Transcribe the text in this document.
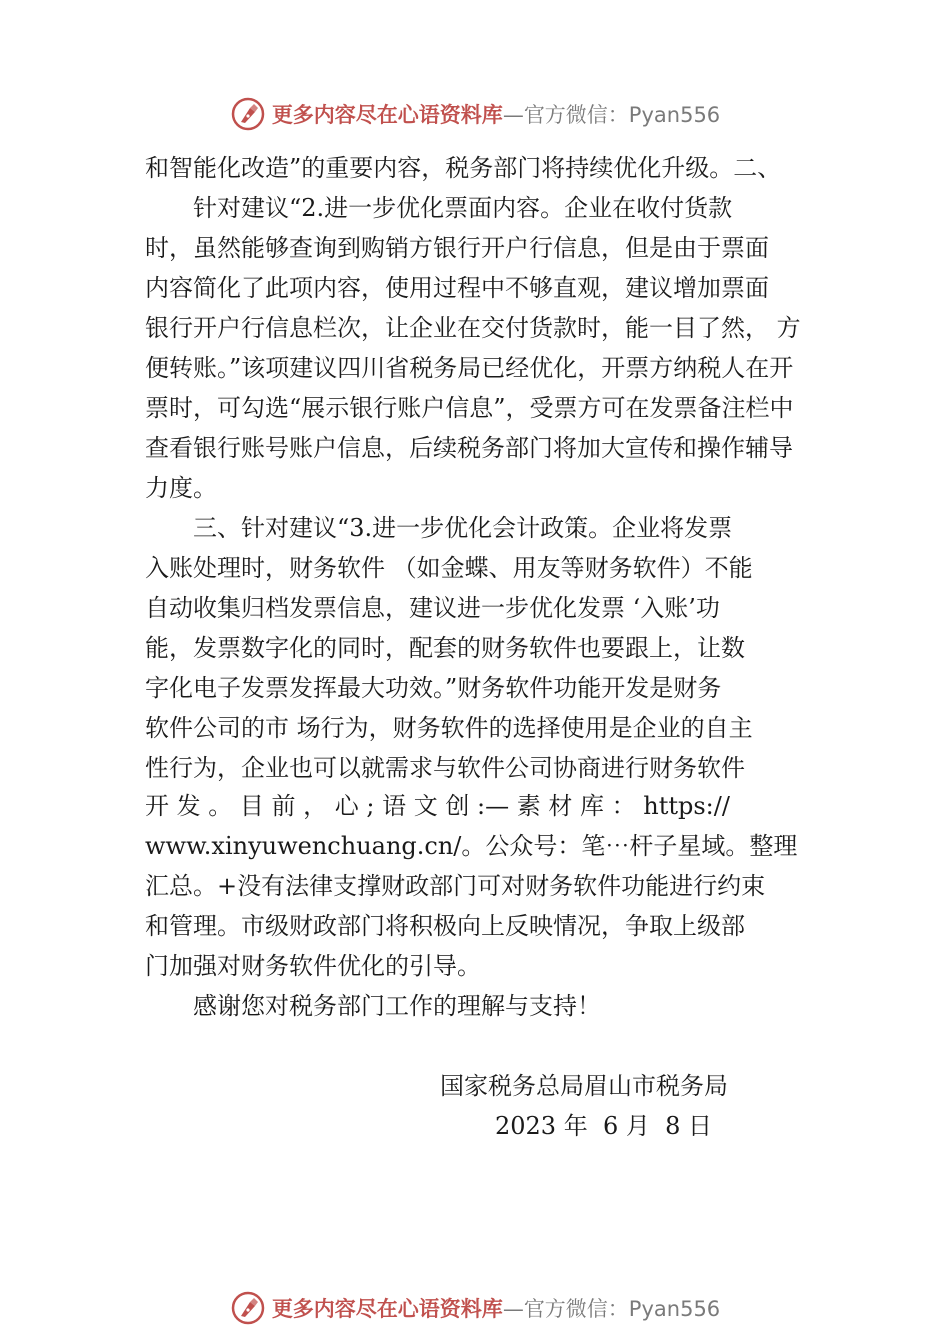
更多内容尽在心语资料库 —官方微信：Pyan556
和智能化改造”的重要内容，税务部门将持续优化升级。二、
　　针对建议“2.进一步优化票面内容。企业在收付货款
时，虽然能够查询到购销方银行开户行信息，但是由于票面
内容简化了此项内容，使用过程中不够直观，建议增加票面
银行开户行信息栏次，让企业在交付货款时，能一目了然， 方
便转账。”该项建议四川省税务局已经优化，开票方纳税人在开
票时，可勾选“展示银行账户信息”，受票方可在发票备注栏中
查看银行账号账户信息，后续税务部门将加大宣传和操作辅导
力度。
　　三、针对建议“3.进一步优化会计政策。企业将发票
入账处理时，财务软件 （如金蝶、用友等财务软件）不能
自动收集归档发票信息，建议进一步优化发票 ‘入账’功
能，发票数字化的同时，配套的财务软件也要跟上，让数
字化电子发票发挥最大功效。”财务软件功能开发是财务
软件公司的市 场行为，财务软件的选择使用是企业的自主
性行为，企业也可以就需求与软件公司协商进行财务软件
开 发 。 目 前 ， 心 ; 语 文 创 :— 素 材 库 ： https://
www.xinyuwenchuang.cn/。公众号：笔⋯杆子星域。整理
汇总。+没有法律支撑财政部门可对财务软件功能进行约束
和管理。市级财政部门将积极向上反映情况，争取上级部
门加强对财务软件优化的引导。
　　感谢您对税务部门工作的理解与支持！
国家税务总局眉山市税务局
2023 年  6 月  8 日
更多内容尽在心语资料库 —官方微信：Pyan556
